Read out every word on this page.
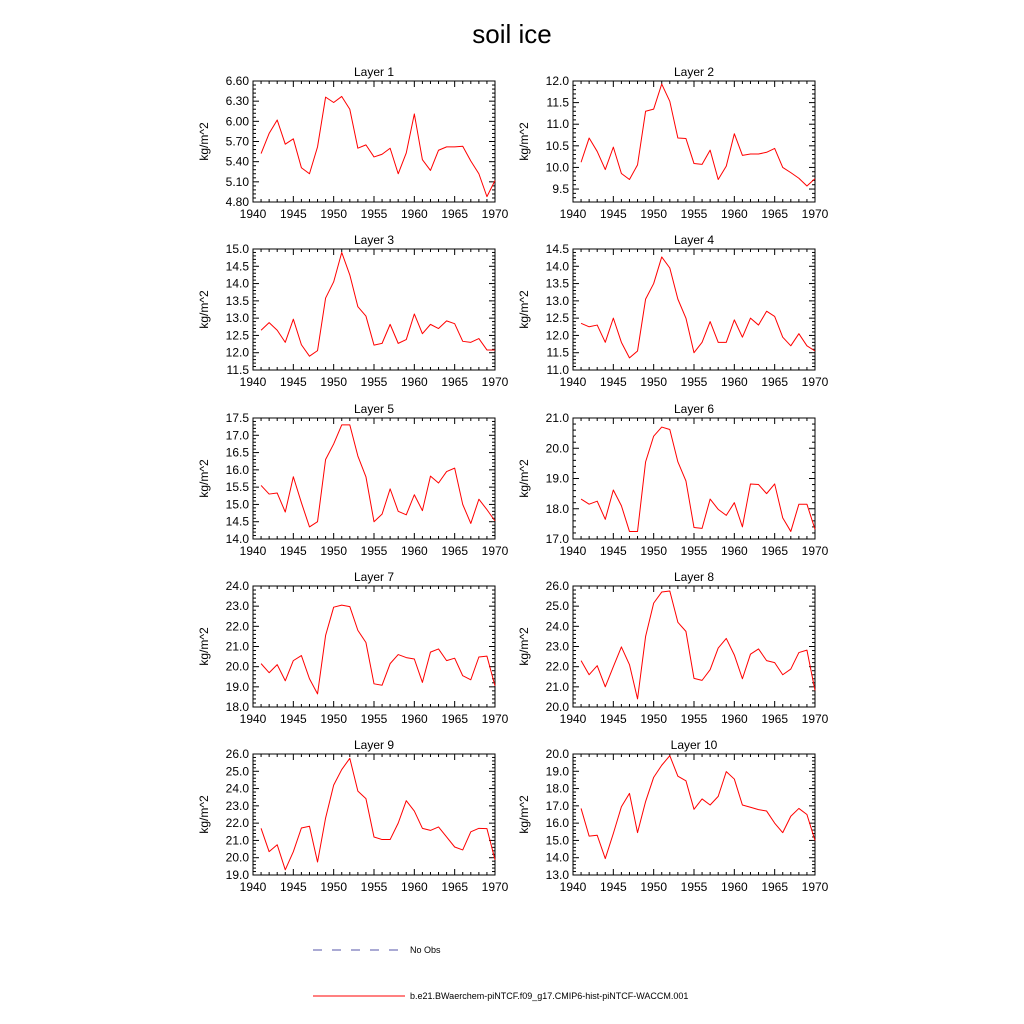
soil ice
Layer 1
kg/m^2
1940 1945 1950 1955 1960 1965 1970
6.60
6.30
6.00
5.70
5.40
5.10
4.80
Layer 2
kg/m^2
1940 1945 1950 1955 1960 1965 1970
12.0
11.5
11.0
10.5
10.0
9.5
Layer 3
kg/m^2
1940 1945 1950 1955 1960 1965 1970
15.0
14.5
14.0
13.5
13.0
12.5
12.0
11.5
Layer 4
kg/m^2
1940 1945 1950 1955 1960 1965 1970
14.5
14.0
13.5
13.0
12.5
12.0
11.5
11.0
Layer 5
kg/m^2
1940 1945 1950 1955 1960 1965 1970
17.5
17.0
16.5
16.0
15.5
15.0
14.5
14.0
Layer 6
kg/m^2
1940 1945 1950 1955 1960 1965 1970
21.0
20.0
19.0
18.0
17.0
Layer 7
kg/m^2
1940 1945 1950 1955 1960 1965 1970
24.0
23.0
22.0
21.0
20.0
19.0
18.0
Layer 8
kg/m^2
1940 1945 1950 1955 1960 1965 1970
26.0
25.0
24.0
23.0
22.0
21.0
20.0
Layer 9
kg/m^2
1940 1945 1950 1955 1960 1965 1970
26.0
25.0
24.0
23.0
22.0
21.0
20.0
19.0
Layer 10
kg/m^2
1940 1945 1950 1955 1960 1965 1970
20.0
19.0
18.0
17.0
16.0
15.0
14.0
13.0
No Obs
b.e21.BWaerchem-piNTCF.f09_g17.CMIP6-hist-piNTCF-WACCM.001
